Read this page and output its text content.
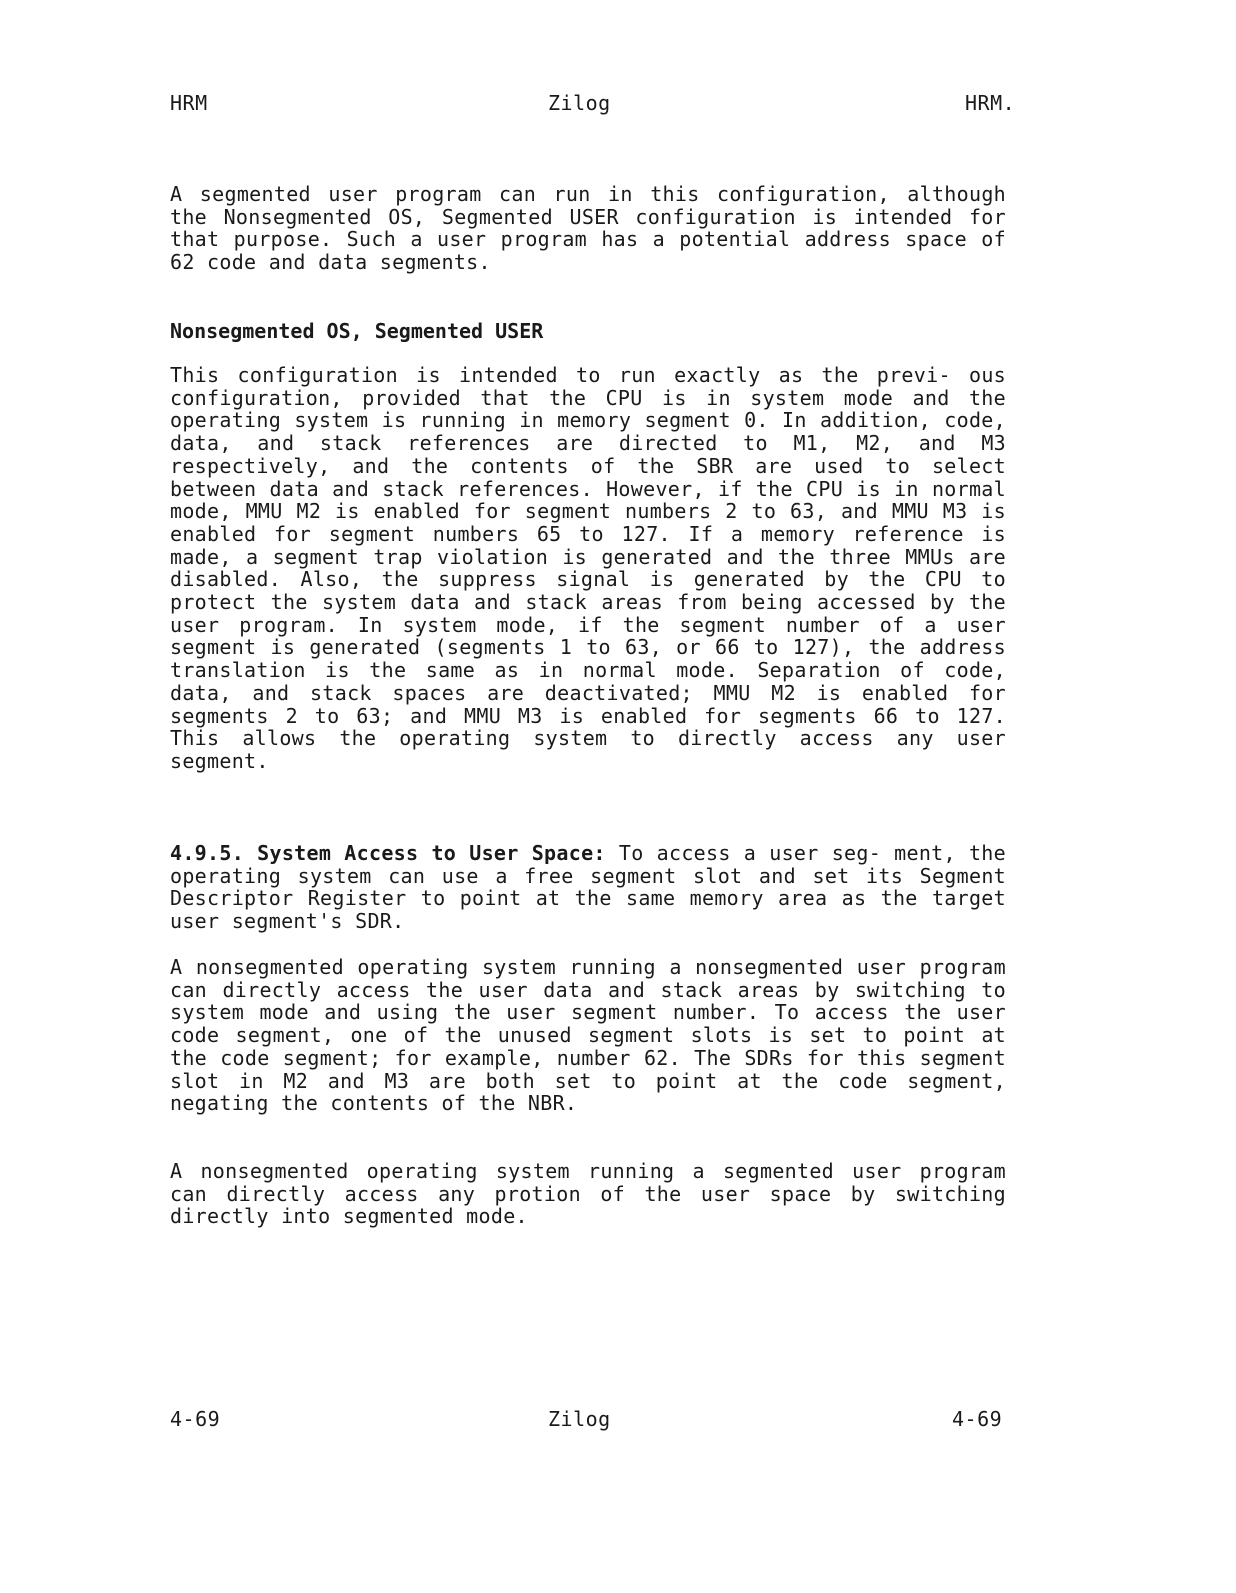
HRM	Zilog	HRM.

A segmented user program can run in this configuration, although the Nonsegmented OS, Segmented USER configuration is intended for that purpose. Such a user program has a potential address space of 62 code and data segments.

Nonsegmented OS, Segmented USER

This configuration is intended to run exactly as the previ- ous configuration, provided that the CPU is in system mode and the operating system is running in memory segment 0. In addition, code, data, and stack references are directed to M1, M2, and M3 respectively, and the contents of the SBR are used to select between data and stack references. However, if the CPU is in normal mode, MMU M2 is enabled for segment numbers 2 to 63, and MMU M3 is enabled for segment numbers 65 to 127. If a memory reference is made, a segment trap violation is generated and the three MMUs are disabled. Also, the suppress signal is generated by the CPU to protect the system data and stack areas from being accessed by the user program. In system mode, if the segment number of a user segment is generated (segments 1 to 63, or 66 to 127), the address translation is the same as in normal mode. Separation of code, data, and stack spaces are deactivated; MMU M2 is enabled for segments 2 to 63; and MMU M3 is enabled for segments 66 to 127. This allows the operating system to directly access any user segment.

4.9.5. System Access to User Space: To access a user seg- ment, the operating system can use a free segment slot and set its Segment Descriptor Register to point at the same memory area as the target user segment's SDR.

A nonsegmented operating system running a nonsegmented user program can directly access the user data and stack areas by switching to system mode and using the user segment number. To access the user code segment, one of the unused segment slots is set to point at the code segment; for example, number 62. The SDRs for this segment slot in M2 and M3 are both set to point at the code segment, negating the contents of the NBR.

A nonsegmented operating system running a segmented user program can directly access any protion of the user space by switching directly into segmented mode.

4-69	Zilog	4-69
